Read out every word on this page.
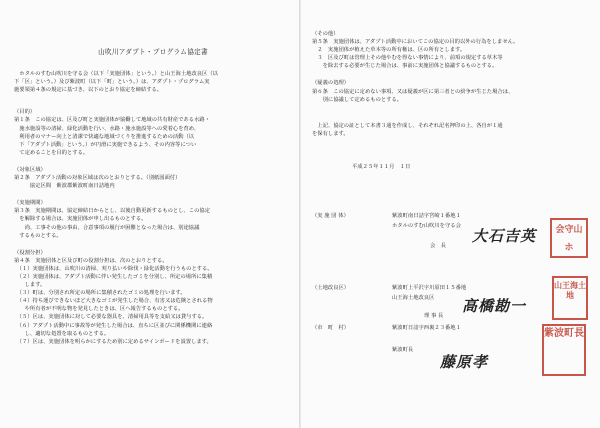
山吹川アダプト・プログラム協定書

　ホタルのすむ山吹川を守る会（以下「実施団体」という。）と山王海土地改良区（以

下「区」という。）及び紫波町（以下「町」という。）は、アダプト・プログラム実

施要領第４条の規定に基づき、以下のとおり協定を締結する。

（目的）

第１条　この協定は、区及び町と実施団体が協働して地域の共有財産である水路・

　施水施設等の清掃、緑化活動を行い、水路・施水施設等への愛着心を育め、

　利用者のマナー向上と清潔で快適な地域づくりを推進するための活動（以

　下「アダプト活動」という。）が円滑に実施できるよう、その内容等につい

　て定めることを目的とする。

（対象区域）

第２条　アダプト活動の対象区域は次のとおりとする。（別紙図面付）

　　　協定区間　紫波郡紫波町南日詰地内

（実施期間）

第３条　実施期間は、協定締結日からとし、以後自動更新するものとし、この協定

　を解除する場合は、実施団体が申し出るものとする。

　　尚、工事その他の事由、合意事項の履行が困難となった場合は、別途協議

　するものとする。

（役割分担）

第４条　実施団体と区及び町の役割分担は、次のとおりとする。

　（１）実施団体は、山吹川の清掃、刈り払いや除伐・緑化活動を行うものとする。

　（２）実施団体は、アダプト活動に伴い発生したゴミを分別し、所定の場所に集積

　　します。

　（３）町は、分別され所定の場所に集積されたゴミの処理を行います。

　（４）持ち運びできないほど大きなゴミが発生した場合、有害又は危険とされる物

　　や所有者が不明な物を発見したときは、区へ報告するものとする。

　（５）区は、実施団体に対して必要な器具を、清掃用具等を支給又は貸与する。

　（６）アダプト活動中に事故等が発生した場合は、直ちに区並びに関係機関に連絡

　　し、適切な処置を取るものとする。

　（７）区は、実施団体を明らかにするため別に定めるサインボードを設置します。

（その他）

第５条　実施団体は、アダプト活動中においてこの協定の目的以外の行為をしません。

　２　実施団体が植えた草本等の所有権は、区の所有とします。

　３　区及び町は管理上その他やむを得ない事情により、前項の規定する草木等

　　を除去する必要が生じた場合は、事前に実施団体と協議するものとする。

（疑義の処理）

第６条　この協定に定めない事項、又は疑義が区に第三者との紛争が生じた場合は、

　　別に協議して定めるものとする。

　上記、協定の証として本書３通を作成し、それぞれ記名押印の上、各自が１通

を保有します。

平成２５年１１月　１日

（実 施 団 体）	紫波町南日詰字宮崎１番地１
ホタルのすむ山吹川を守る会
会　長
大石吉英	会守山ホ
（土地改良区）	紫波町上平沢字川原田１５番地
山王海土地改良区
理 事 長
高橋勘一
山王海土地
（市　町　村）	紫波町日詰字西裏２３番地１
紫波町長
藤原孝
紫波町長
